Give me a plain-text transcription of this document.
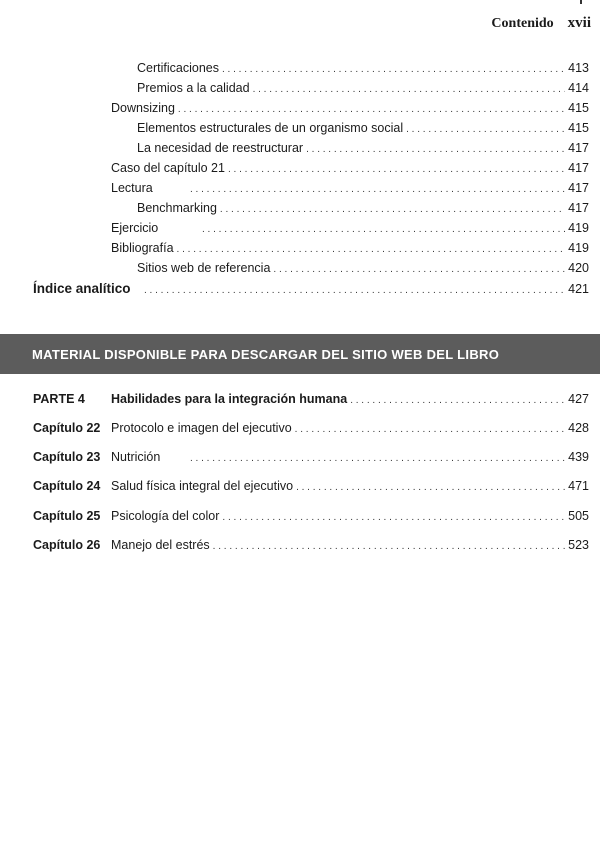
Contenido xvii
Certificaciones . . .	413
Premios a la calidad . . .	414
Downsizing . . .	415
Elementos estructurales de un organismo social . . .	415
La necesidad de reestructurar . . .	417
Caso del capítulo 21 . . .	417
Lectura . . .	417
Benchmarking . . .	417
Ejercicio . . .	419
Bibliografía . . .	419
Sitios web de referencia . . .	420
Índice analítico . . .	421
MATERIAL DISPONIBLE PARA DESCARGAR DEL SITIO WEB DEL LIBRO
PARTE 4	Habilidades para la integración humana . . .	427
Capítulo 22 Protocolo e imagen del ejecutivo . . .	428
Capítulo 23 Nutrición . . .	439
Capítulo 24 Salud física integral del ejecutivo . . .	471
Capítulo 25 Psicología del color . . .	505
Capítulo 26 Manejo del estrés . . .	523
